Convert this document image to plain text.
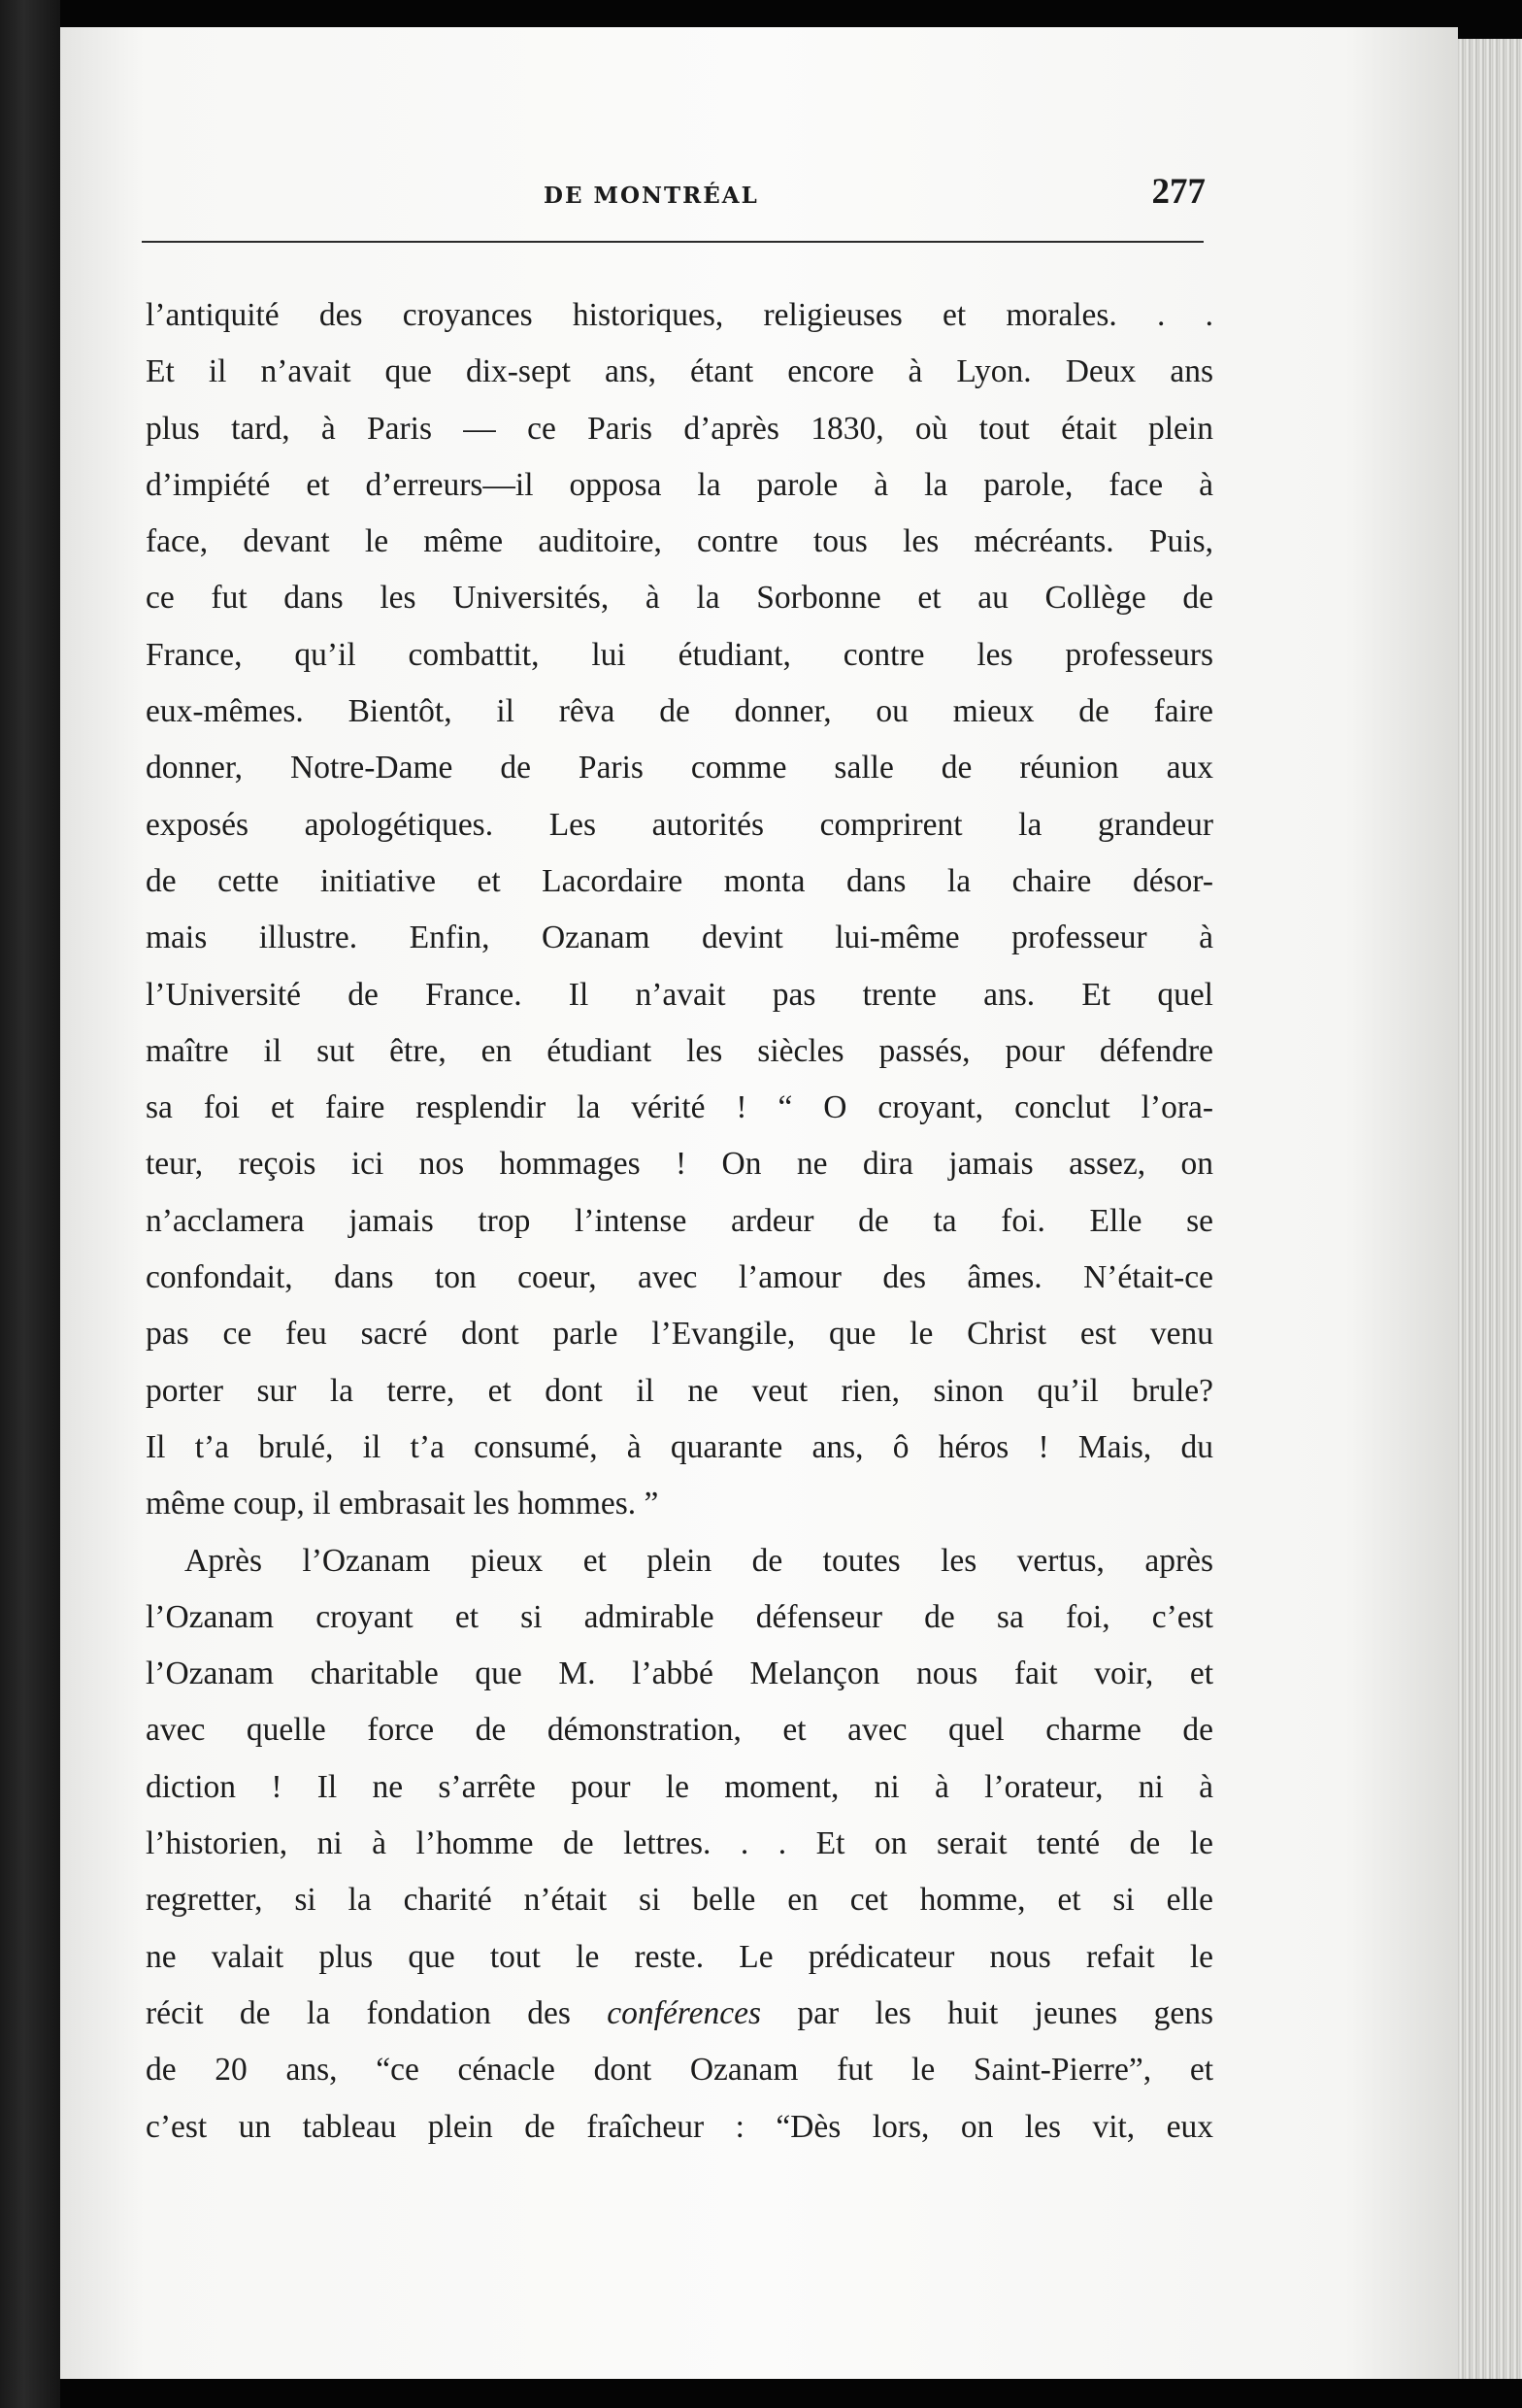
DE MONTRÉAL	277
l’antiquité des croyances historiques, religieuses et morales. . .
Et il n’avait que dix-sept ans, étant encore à Lyon. Deux ans
plus tard, à Paris — ce Paris d’après 1830, où tout était plein
d’impiété et d’erreurs—il opposa la parole à la parole, face à
face, devant le même auditoire, contre tous les mécréants. Puis,
ce fut dans les Universités, à la Sorbonne et au Collège de
France, qu’il combattit, lui étudiant, contre les professeurs
eux-mêmes. Bientôt, il rêva de donner, ou mieux de faire
donner, Notre-Dame de Paris comme salle de réunion aux
exposés apologétiques. Les autorités comprirent la grandeur
de cette initiative et Lacordaire monta dans la chaire désor-
mais illustre. Enfin, Ozanam devint lui-même professeur à
l’Université de France. Il n’avait pas trente ans. Et quel
maître il sut être, en étudiant les siècles passés, pour défendre
sa foi et faire resplendir la vérité ! “ O croyant, conclut l’ora-
teur, reçois ici nos hommages ! On ne dira jamais assez, on
n’acclamera jamais trop l’intense ardeur de ta foi. Elle se
confondait, dans ton coeur, avec l’amour des âmes. N’était-ce
pas ce feu sacré dont parle l’Evangile, que le Christ est venu
porter sur la terre, et dont il ne veut rien, sinon qu’il brule?
Il t’a brulé, il t’a consumé, à quarante ans, ô héros ! Mais, du
même coup, il embrasait les hommes. ”
Après l’Ozanam pieux et plein de toutes les vertus, après
l’Ozanam croyant et si admirable défenseur de sa foi, c’est
l’Ozanam charitable que M. l’abbé Melançon nous fait voir, et
avec quelle force de démonstration, et avec quel charme de
diction ! Il ne s’arrête pour le moment, ni à l’orateur, ni à
l’historien, ni à l’homme de lettres. . . Et on serait tenté de le
regretter, si la charité n’était si belle en cet homme, et si elle
ne valait plus que tout le reste. Le prédicateur nous refait le
récit de la fondation des conférences par les huit jeunes gens
de 20 ans, “ce cénacle dont Ozanam fut le Saint-Pierre”, et
c’est un tableau plein de fraîcheur : “Dès lors, on les vit, eux
